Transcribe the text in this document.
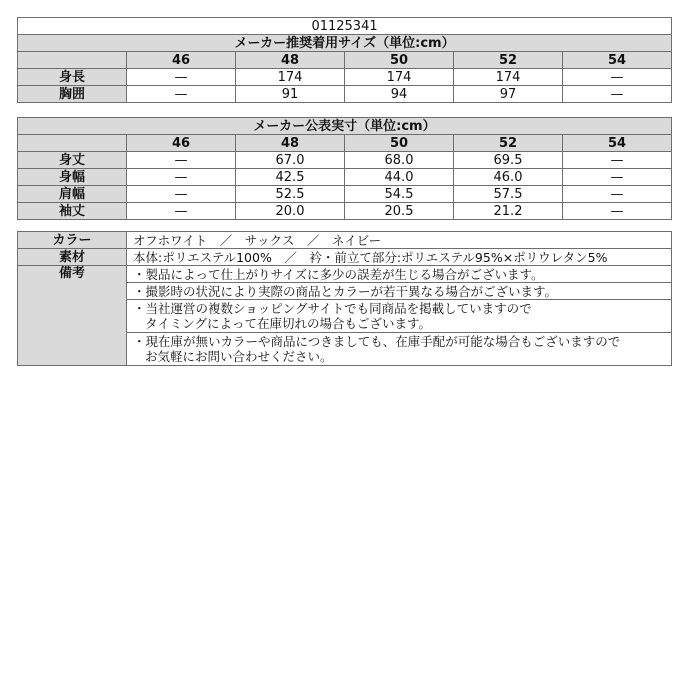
01125341					
メーカー推奨着用サイズ（単位:cm）					
	46	48	50	52	54
身長	—	174	174	174	—
胸囲	—	91	94	97	—
メーカー公表実寸（単位:cm）					
	46	48	50	52	54
身丈	—	67.0	68.0	69.5	—
身幅	—	42.5	44.0	46.0	—
肩幅	—	52.5	54.5	57.5	—
袖丈	—	20.0	20.5	21.2	—
カラー	オフホワイト　／　サックス　／　ネイビー
素材	本体:ポリエステル100%　／　衿・前立て部分:ポリエステル95%×ポリウレタン5%
備考	・製品によって仕上がりサイズに多少の誤差が生じる場合がございます。

	・撮影時の状況により実際の商品とカラーが若干異なる場合がございます。

	・当社運営の複数ショッピングサイトでも同商品を掲載していますので
タイミングによって在庫切れの場合もございます。

	・現在庫が無いカラーや商品につきましても、在庫手配が可能な場合もございますので
お気軽にお問い合わせください。
